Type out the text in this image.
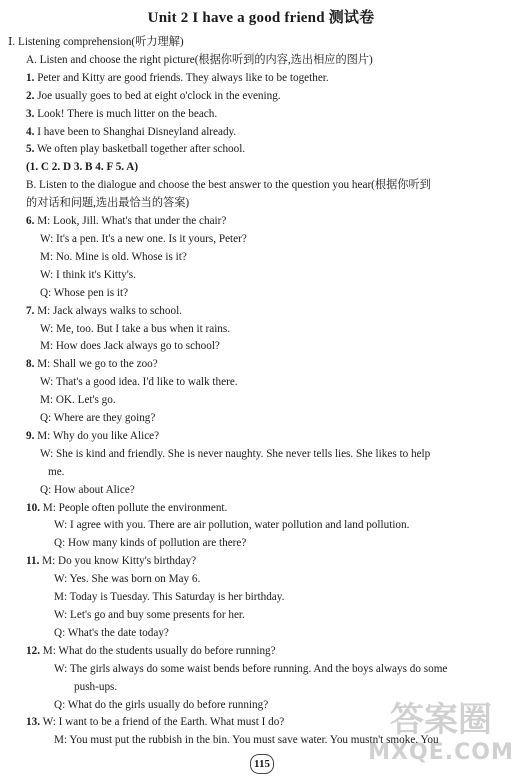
Unit 2 I have a good friend 测试卷
Ⅰ. Listening comprehension(听力理解)
A. Listen and choose the right picture(根据你听到的内容,选出相应的图片)
1. Peter and Kitty are good friends. They always like to be together.
2. Joe usually goes to bed at eight o'clock in the evening.
3. Look! There is much litter on the beach.
4. I have been to Shanghai Disneyland already.
5. We often play basketball together after school.
(1. C 2. D 3. B 4. F 5. A)
B. Listen to the dialogue and choose the best answer to the question you hear(根据你听到
的对话和问题,选出最恰当的答案)
6. M: Look, Jill. What's that under the chair?
W: It's a pen. It's a new one. Is it yours, Peter?
M: No. Mine is old. Whose is it?
W: I think it's Kitty's.
Q: Whose pen is it?
7. M: Jack always walks to school.
W: Me, too. But I take a bus when it rains.
M: How does Jack always go to school?
8. M: Shall we go to the zoo?
W: That's a good idea. I'd like to walk there.
M: OK. Let's go.
Q: Where are they going?
9. M: Why do you like Alice?
W: She is kind and friendly. She is never naughty. She never tells lies. She likes to help
me.
Q: How about Alice?
10. M: People often pollute the environment.
W: I agree with you. There are air pollution, water pollution and land pollution.
Q: How many kinds of pollution are there?
11. M: Do you know Kitty's birthday?
W: Yes. She was born on May 6.
M: Today is Tuesday. This Saturday is her birthday.
W: Let's go and buy some presents for her.
Q: What's the date today?
12. M: What do the students usually do before running?
W: The girls always do some waist bends before running. And the boys always do some
push-ups.
Q: What do the girls usually do before running?
13. W: I want to be a friend of the Earth. What must I do?
M: You must put the rubbish in the bin. You must save water. You mustn't smoke. You
115
答案圈
MXQE.COM
